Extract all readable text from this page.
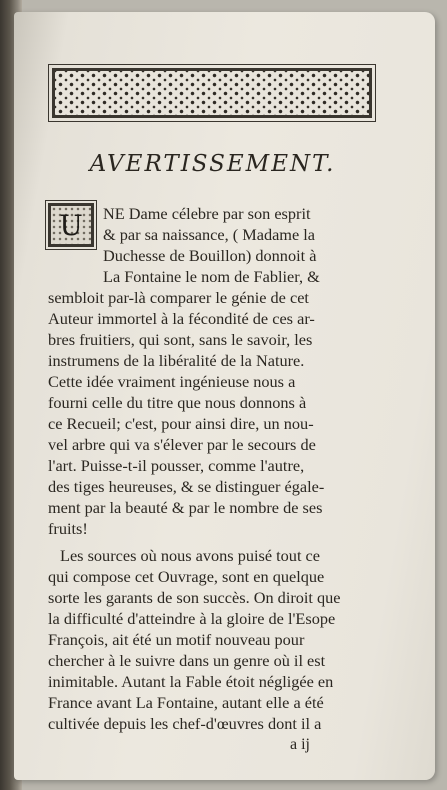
AVERTISSEMENT.
U	NE Dame célebre par son esprit
& par sa naissance, ( Madame la
Duchesse de Bouillon) donnoit à
La Fontaine le nom de Fablier, &
sembloit par-là comparer le génie de cet
Auteur immortel à la fécondité de ces ar-
bres fruitiers, qui sont, sans le savoir, les
instrumens de la libéralité de la Nature.
Cette idée vraiment ingénieuse nous a
fourni celle du titre que nous donnons à
ce Recueil; c'est, pour ainsi dire, un nou-
vel arbre qui va s'élever par le secours de
l'art. Puisse-t-il pousser, comme l'autre,
des tiges heureuses, & se distinguer égale-
ment par la beauté & par le nombre de ses
fruits!
Les sources où nous avons puisé tout ce
qui compose cet Ouvrage, sont en quelque
sorte les garants de son succès. On diroit que
la difficulté d'atteindre à la gloire de l'Esope
François, ait été un motif nouveau pour
chercher à le suivre dans un genre où il est
inimitable. Autant la Fable étoit négligée en
France avant La Fontaine, autant elle a été
cultivée depuis les chef-d'œuvres dont il a
a ij
